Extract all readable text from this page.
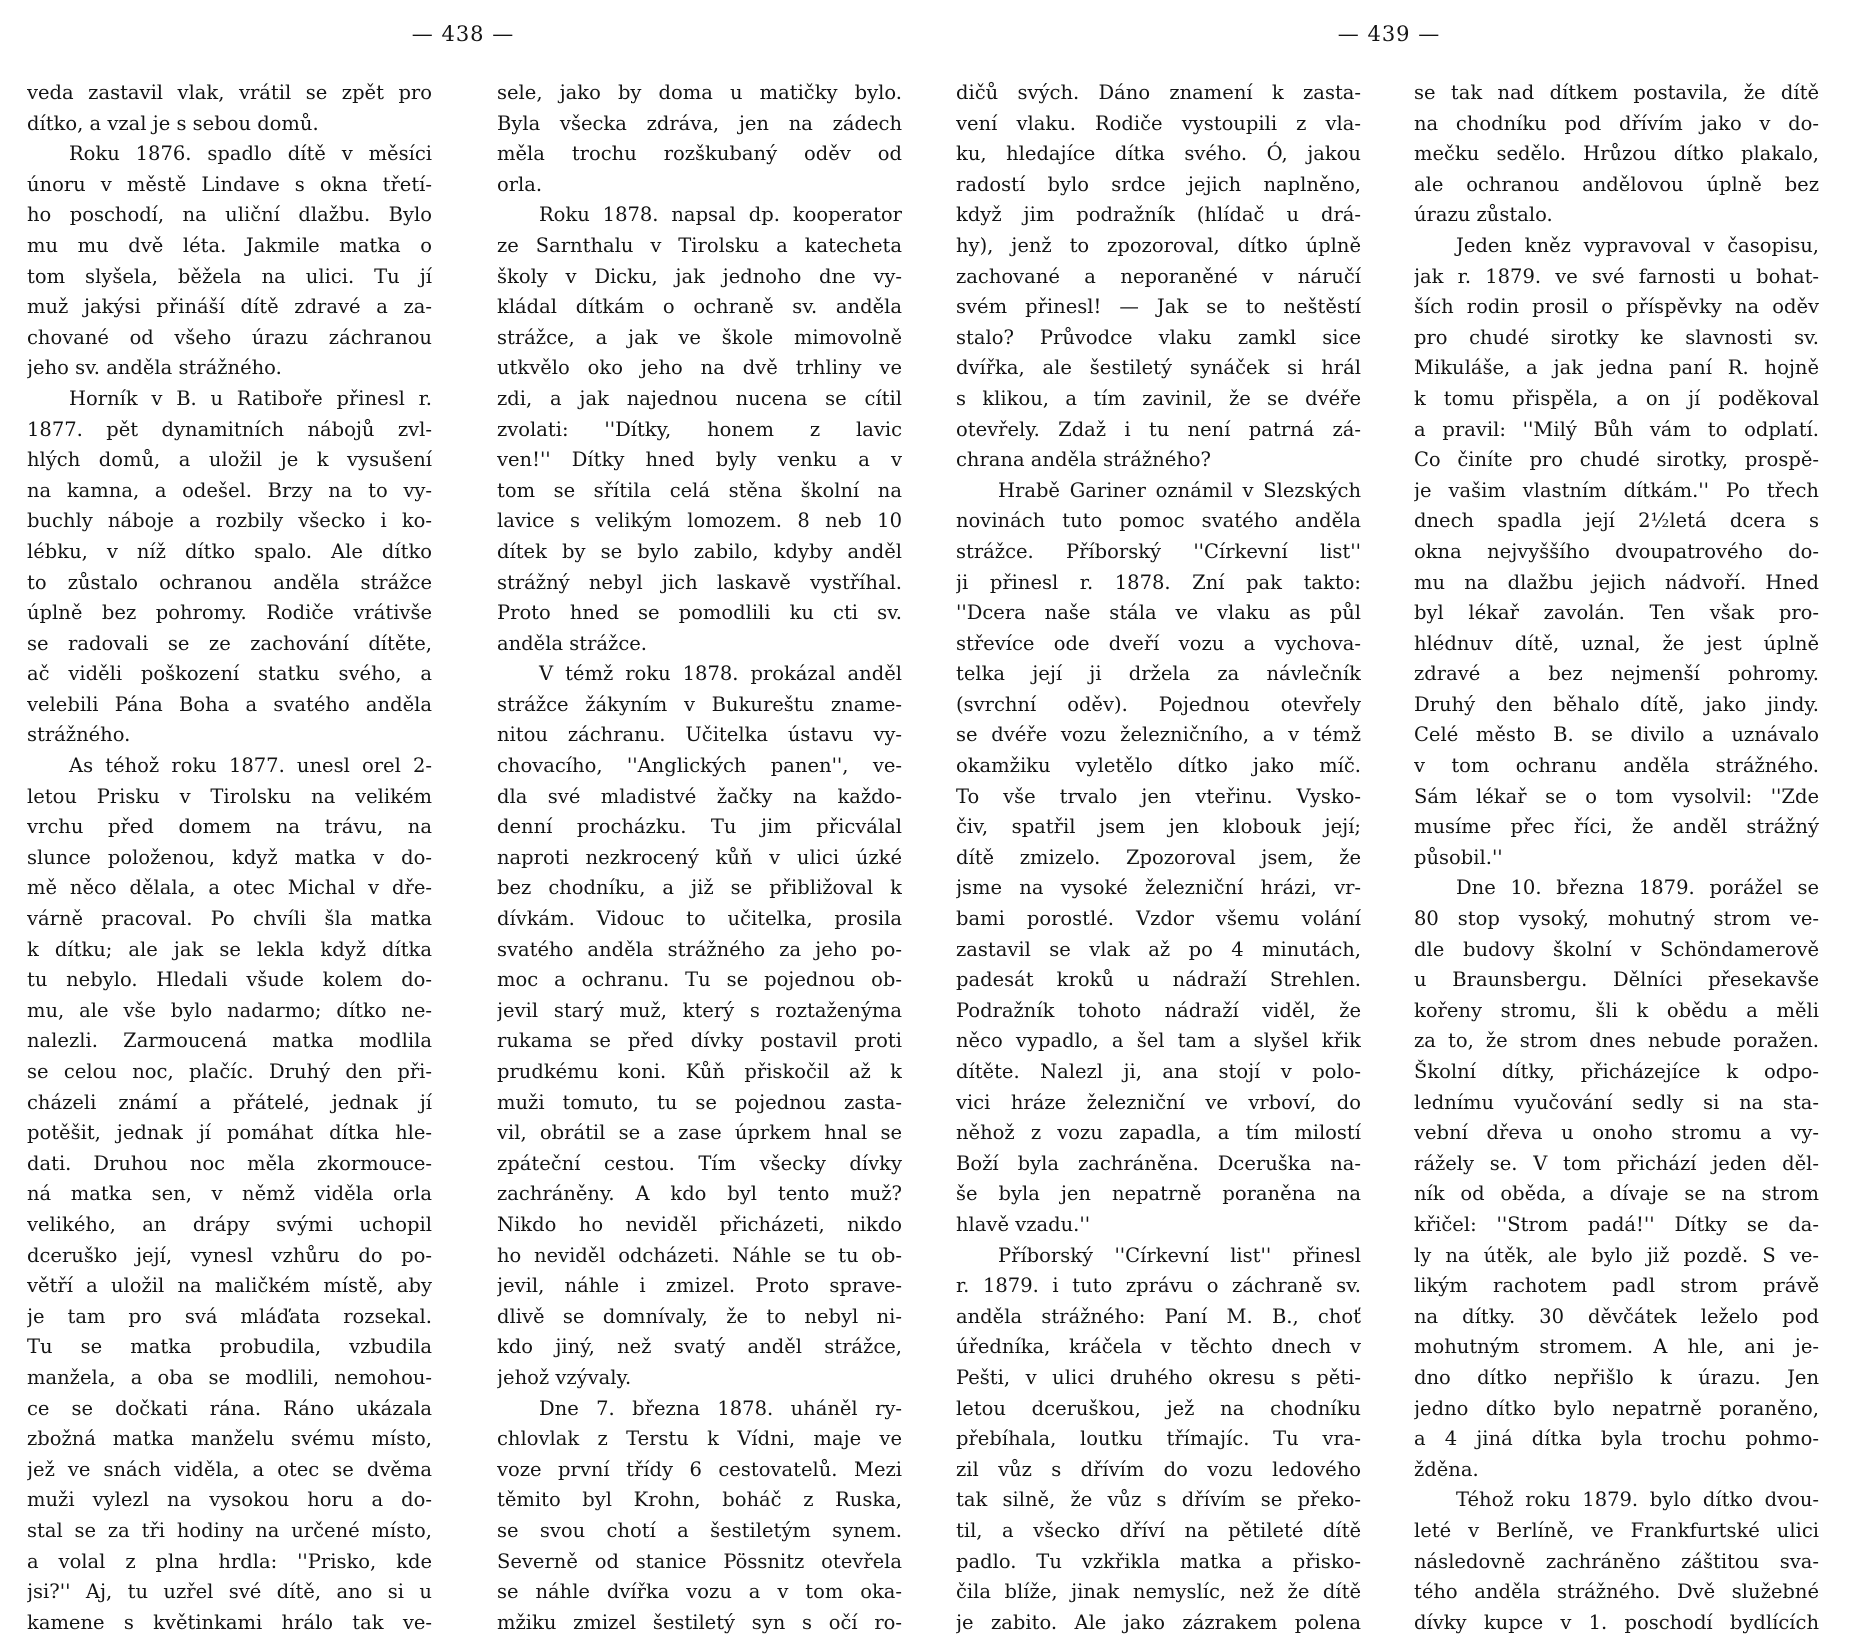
— 438 —
veda zastavil vlak, vrátil se zpět pro
dítko, a vzal je s sebou domů.
Roku 1876. spadlo dítě v měsíci
únoru v městě Lindave s okna třetí-
ho poschodí, na uliční dlažbu. Bylo
mu mu dvě léta. Jakmile matka o
tom slyšela, běžela na ulici. Tu jí
muž jakýsi přináší dítě zdravé a za-
chované od všeho úrazu záchranou
jeho sv. anděla strážného.
Horník v B. u Ratiboře přinesl r.
1877. pět dynamitních nábojů zvl-
hlých domů, a uložil je k vysušení
na kamna, a odešel. Brzy na to vy-
buchly náboje a rozbily všecko i ko-
lébku, v níž dítko spalo. Ale dítko
to zůstalo ochranou anděla strážce
úplně bez pohromy. Rodiče vrátivše
se radovali se ze zachování dítěte,
ač viděli poškození statku svého, a
velebili Pána Boha a svatého anděla
strážného.
As téhož roku 1877. unesl orel 2-
letou Prisku v Tirolsku na velikém
vrchu před domem na trávu, na
slunce položenou, když matka v do-
mě něco dělala, a otec Michal v dře-
várně pracoval. Po chvíli šla matka
k dítku; ale jak se lekla když dítka
tu nebylo. Hledali všude kolem do-
mu, ale vše bylo nadarmo; dítko ne-
nalezli. Zarmoucená matka modlila
se celou noc, plačíc. Druhý den při-
cházeli známí a přátelé, jednak jí
potěšit, jednak jí pomáhat dítka hle-
dati. Druhou noc měla zkormouce-
ná matka sen, v němž viděla orla
velikého, an drápy svými uchopil
dceruško její, vynesl vzhůru do po-
větří a uložil na maličkém místě, aby
je tam pro svá mláďata rozsekal.
Tu se matka probudila, vzbudila
manžela, a oba se modlili, nemohou-
ce se dočkati rána. Ráno ukázala
zbožná matka manželu svému místo,
jež ve snách viděla, a otec se dvěma
muži vylezl na vysokou horu a do-
stal se za tři hodiny na určené místo,
a volal z plna hrdla: ''Prisko, kde
jsi?'' Aj, tu uzřel své dítě, ano si u
kamene s květinkami hrálo tak ve-
sele, jako by doma u matičky bylo.
Byla všecka zdráva, jen na zádech
měla trochu rozškubaný oděv od
orla.
Roku 1878. napsal dp. kooperator
ze Sarnthalu v Tirolsku a katecheta
školy v Dicku, jak jednoho dne vy-
kládal dítkám o ochraně sv. anděla
strážce, a jak ve škole mimovolně
utkvělo oko jeho na dvě trhliny ve
zdi, a jak najednou nucena se cítil
zvolati: ''Dítky, honem z lavic
ven!'' Dítky hned byly venku a v
tom se sřítila celá stěna školní na
lavice s velikým lomozem. 8 neb 10
dítek by se bylo zabilo, kdyby anděl
strážný nebyl jich laskavě vystříhal.
Proto hned se pomodlili ku cti sv.
anděla strážce.
V témž roku 1878. prokázal anděl
strážce žákyním v Bukureštu zname-
nitou záchranu. Učitelka ústavu vy-
chovacího, ''Anglických panen'', ve-
dla své mladistvé žačky na každo-
denní procházku. Tu jim přicválal
naproti nezkrocený kůň v ulici úzké
bez chodníku, a již se přibližoval k
dívkám. Vidouc to učitelka, prosila
svatého anděla strážného za jeho po-
moc a ochranu. Tu se pojednou ob-
jevil starý muž, který s roztaženýma
rukama se před dívky postavil proti
prudkému koni. Kůň přiskočil až k
muži tomuto, tu se pojednou zasta-
vil, obrátil se a zase úprkem hnal se
zpáteční cestou. Tím všecky dívky
zachráněny. A kdo byl tento muž?
Nikdo ho neviděl přicházeti, nikdo
ho neviděl odcházeti. Náhle se tu ob-
jevil, náhle i zmizel. Proto sprave-
dlivě se domnívaly, že to nebyl ni-
kdo jiný, než svatý anděl strážce,
jehož vzývaly.
Dne 7. března 1878. uháněl ry-
chlovlak z Terstu k Vídni, maje ve
voze první třídy 6 cestovatelů. Mezi
těmito byl Krohn, boháč z Ruska,
se svou chotí a šestiletým synem.
Severně od stanice Pössnitz otevřela
se náhle dvířka vozu a v tom oka-
mžiku zmizel šestiletý syn s očí ro-
— 439 —
dičů svých. Dáno znamení k zasta-
vení vlaku. Rodiče vystoupili z vla-
ku, hledajíce dítka svého. Ó, jakou
radostí bylo srdce jejich naplněno,
když jim podražník (hlídač u drá-
hy), jenž to zpozoroval, dítko úplně
zachované a neporaněné v náručí
svém přinesl! — Jak se to neštěstí
stalo? Průvodce vlaku zamkl sice
dvířka, ale šestiletý synáček si hrál
s klikou, a tím zavinil, že se dvéře
otevřely. Zdaž i tu není patrná zá-
chrana anděla strážného?
Hrabě Gariner oznámil v Slezských
novinách tuto pomoc svatého anděla
strážce. Příborský ''Církevní list''
ji přinesl r. 1878. Zní pak takto:
''Dcera naše stála ve vlaku as půl
střevíce ode dveří vozu a vychova-
telka její ji držela za návlečník
(svrchní oděv). Pojednou otevřely
se dvéře vozu železničního, a v témž
okamžiku vyletělo dítko jako míč.
To vše trvalo jen vteřinu. Vysko-
čiv, spatřil jsem jen klobouk její;
dítě zmizelo. Zpozoroval jsem, že
jsme na vysoké železniční hrázi, vr-
bami porostlé. Vzdor všemu volání
zastavil se vlak až po 4 minutách,
padesát kroků u nádraží Strehlen.
Podražník tohoto nádraží viděl, že
něco vypadlo, a šel tam a slyšel křik
dítěte. Nalezl ji, ana stojí v polo-
vici hráze železniční ve vrboví, do
něhož z vozu zapadla, a tím milostí
Boží byla zachráněna. Dceruška na-
še byla jen nepatrně poraněna na
hlavě vzadu.''
Příborský ''Církevní list'' přinesl
r. 1879. i tuto zprávu o záchraně sv.
anděla strážného: Paní M. B., choť
úředníka, kráčela v těchto dnech v
Pešti, v ulici druhého okresu s pěti-
letou dceruškou, jež na chodníku
přebíhala, loutku třímajíc. Tu vra-
zil vůz s dřívím do vozu ledového
tak silně, že vůz s dřívím se překo-
til, a všecko dříví na pětileté dítě
padlo. Tu vzkřikla matka a přisko-
čila blíže, jinak nemyslíc, než že dítě
je zabito. Ale jako zázrakem polena
se tak nad dítkem postavila, že dítě
na chodníku pod dřívím jako v do-
mečku sedělo. Hrůzou dítko plakalo,
ale ochranou andělovou úplně bez
úrazu zůstalo.
Jeden kněz vypravoval v časopisu,
jak r. 1879. ve své farnosti u bohat-
ších rodin prosil o příspěvky na oděv
pro chudé sirotky ke slavnosti sv.
Mikuláše, a jak jedna paní R. hojně
k tomu přispěla, a on jí poděkoval
a pravil: ''Milý Bůh vám to odplatí.
Co činíte pro chudé sirotky, prospě-
je vašim vlastním dítkám.'' Po třech
dnech spadla její 2½letá dcera s
okna nejvyššího dvoupatrového do-
mu na dlažbu jejich nádvoří. Hned
byl lékař zavolán. Ten však pro-
hlédnuv dítě, uznal, že jest úplně
zdravé a bez nejmenší pohromy.
Druhý den běhalo dítě, jako jindy.
Celé město B. se divilo a uznávalo
v tom ochranu anděla strážného.
Sám lékař se o tom vysolvil: ''Zde
musíme přec říci, že anděl strážný
působil.''
Dne 10. března 1879. porážel se
80 stop vysoký, mohutný strom ve-
dle budovy školní v Schöndamerově
u Braunsbergu. Dělníci přesekavše
kořeny stromu, šli k obědu a měli
za to, že strom dnes nebude poražen.
Školní dítky, přicházejíce k odpo-
lednímu vyučování sedly si na sta-
vební dřeva u onoho stromu a vy-
rážely se. V tom přichází jeden děl-
ník od oběda, a dívaje se na strom
křičel: ''Strom padá!'' Dítky se da-
ly na útěk, ale bylo již pozdě. S ve-
likým rachotem padl strom právě
na dítky. 30 děvčátek leželo pod
mohutným stromem. A hle, ani je-
dno dítko nepřišlo k úrazu. Jen
jedno dítko bylo nepatrně poraněno,
a 4 jiná dítka byla trochu pohmo-
žděna.
Téhož roku 1879. bylo dítko dvou-
leté v Berlíně, ve Frankfurtské ulici
následovně zachráněno záštitou sva-
tého anděla strážného. Dvě služebné
dívky kupce v 1. poschodí bydlících
